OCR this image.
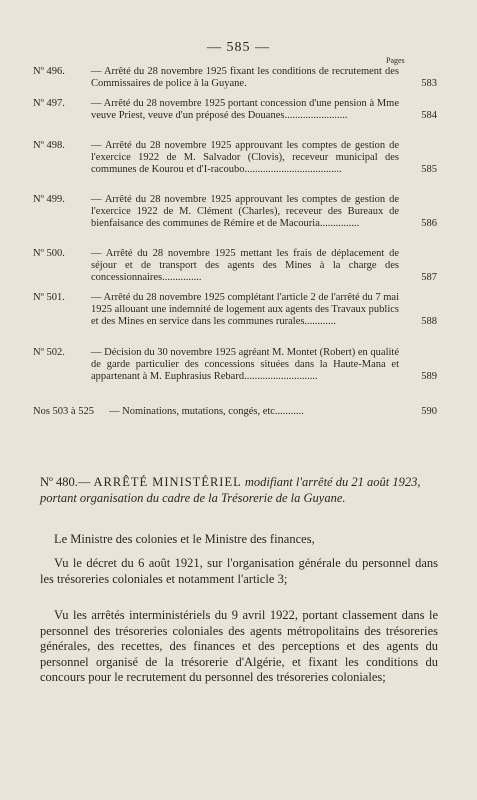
— 585 —
Pages
Nº 496. — Arrêté du 28 novembre 1925 fixant les conditions de recrutement des Commissaires de police à la Guyane.	583
Nº 497. — Arrêté du 28 novembre 1925 portant concession d'une pension à Mme veuve Priest, veuve d'un préposé des Douanes........................	584
Nº 498. — Arrêté du 28 novembre 1925 approuvant les comptes de gestion de l'exercice 1922 de M. Salvador (Clovis), receveur municipal des communes de Kourou et d'I-racoubo.....................................	585
Nº 499. — Arrêté du 28 novembre 1925 approuvant les comptes de gestion de l'exercice 1922 de M. Clément (Charles), receveur des Bureaux de bienfaisance des communes de Rémire et de Macouria...............	586
Nº 500. — Arrêté du 28 novembre 1925 mettant les frais de déplacement de séjour et de transport des agents des Mines à la charge des concessionnaires...............	587
Nº 501. — Arrêté du 28 novembre 1925 complétant l'article 2 de l'arrêté du 7 mai 1925 allouant une indemnité de logement aux agents des Travaux publics et des Mines en service dans les communes rurales............	588
Nº 502. — Décision du 30 novembre 1925 agréant M. Montet (Robert) en qualité de garde particulier des concessions situées dans la Haute-Mana et appartenant à M. Euphrasius Rebard............................	589
Nos 503 à 525 — Nominations, mutations, congés, etc...........	590
Nº 480.— ARRÊTÉ MINISTÉRIEL modifiant l'arrêté du 21 août 1923, portant organisation du cadre de la Trésorerie de la Guyane.
Le Ministre des colonies et le Ministre des finances,
Vu le décret du 6 août 1921, sur l'organisation générale du personnel dans les trésoreries coloniales et notamment l'article 3;
Vu les arrêtés interministériels du 9 avril 1922, portant classement dans le personnel des trésoreries coloniales des agents métropolitains des trésoreries générales, des recettes, des finances et des perceptions et des agents du personnel organisé de la trésorerie d'Algérie, et fixant les conditions du concours pour le recrutement du personnel des trésoreries coloniales;
